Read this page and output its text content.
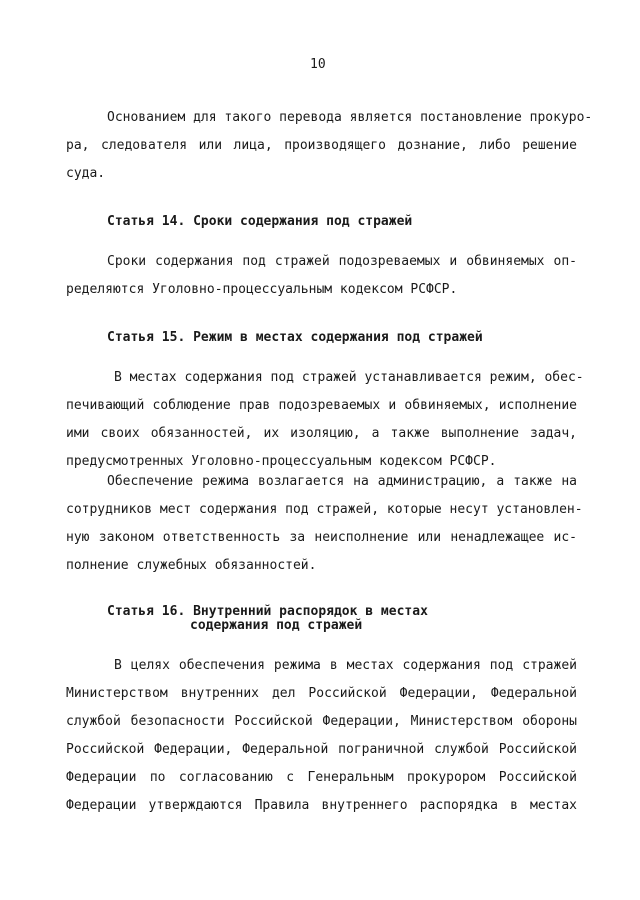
10
Основанием для такого перевода является постановление прокуро-
ра, следователя или лица, производящего дознание, либо решение
суда.
Статья 14. Сроки содержания под стражей
Сроки содержания под стражей подозреваемых и обвиняемых оп-
ределяются Уголовно-процессуальным кодексом РСФСР.
Статья 15. Режим в местах содержания под стражей
В местах содержания под стражей устанавливается режим, обес-
печивающий соблюдение прав подозреваемых и обвиняемых, исполнение
ими своих обязанностей, их изоляцию, а также выполнение задач,
предусмотренных Уголовно-процессуальным кодексом РСФСР.
Обеспечение режима возлагается на администрацию, а также на
сотрудников мест содержания под стражей, которые несут установлен-
ную законом ответственность за неисполнение или ненадлежащее ис-
полнение служебных обязанностей.
Статья 16. Внутренний распорядок в местах
содержания под стражей
В целях обеспечения режима в местах содержания под стражей
Министерством внутренних дел Российской Федерации, Федеральной
службой безопасности Российской Федерации, Министерством обороны
Российской Федерации, Федеральной пограничной службой Российской
Федерации по согласованию с Генеральным прокурором Российской
Федерации утверждаются Правила внутреннего распорядка в местах
